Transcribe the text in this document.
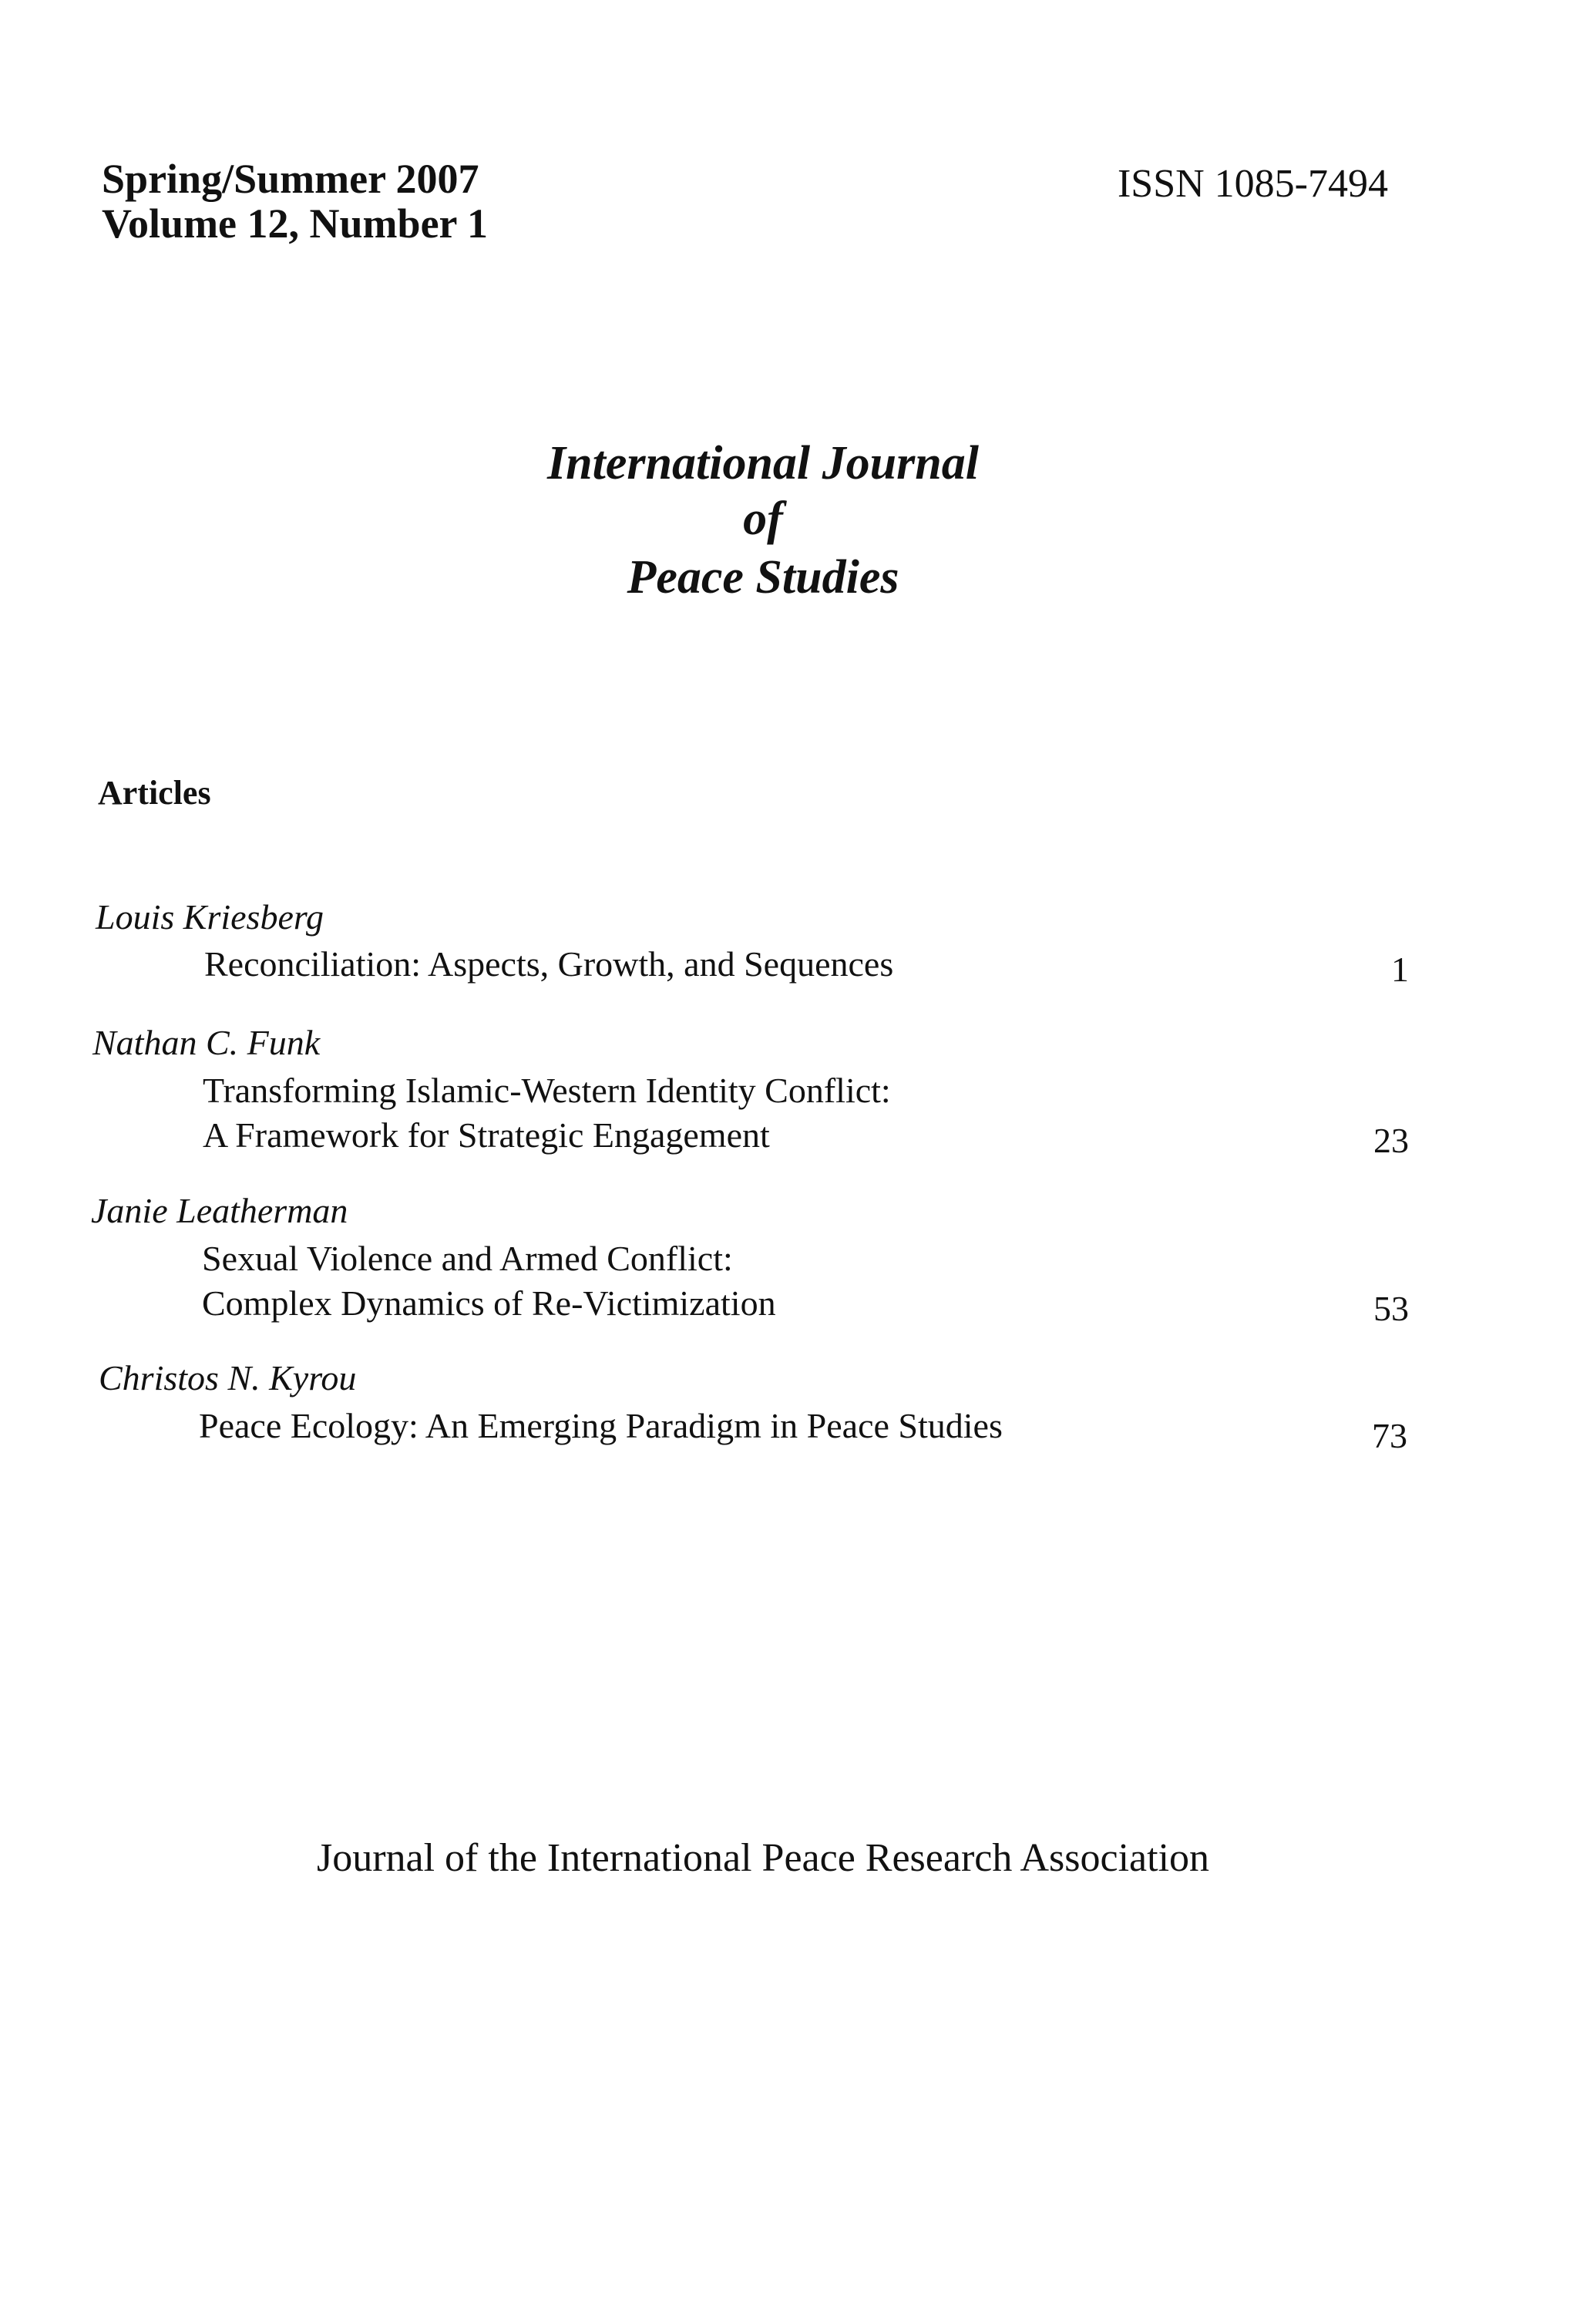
Spring/Summer 2007
Volume 12, Number 1
ISSN 1085-7494
International Journal
of
Peace Studies
Articles
Louis Kriesberg
Reconciliation: Aspects, Growth, and Sequences	1
Nathan C. Funk
Transforming Islamic-Western Identity Conflict:
A Framework for Strategic Engagement	23
Janie Leatherman
Sexual Violence and Armed Conflict:
Complex Dynamics of Re-Victimization	53
Christos N. Kyrou
Peace Ecology: An Emerging Paradigm in Peace Studies	73
Journal of the International Peace Research Association
